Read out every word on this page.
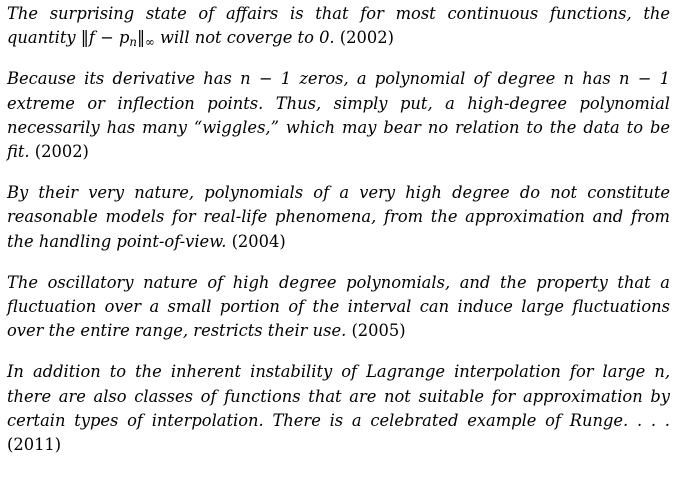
The surprising state of affairs is that for most continuous functions, the quantity ‖f − $p_n‖_\infty$ will not coverge to 0. (2002)

Because its derivative has n − 1 zeros, a polynomial of degree n has n − 1 extreme or inflection points. Thus, simply put, a high-degree polynomial necessarily has many “wiggles,” which may bear no relation to the data to be fit. (2002)

By their very nature, polynomials of a very high degree do not constitute reasonable models for real-life phenomena, from the approximation and from the handling point-of-view. (2004)

The oscillatory nature of high degree polynomials, and the property that a fluctuation over a small portion of the interval can induce large fluctuations over the entire range, restricts their use. (2005)

In addition to the inherent instability of Lagrange interpolation for large n, there are also classes of functions that are not suitable for approximation by certain types of interpolation. There is a celebrated example of Runge. . . . (2011)
